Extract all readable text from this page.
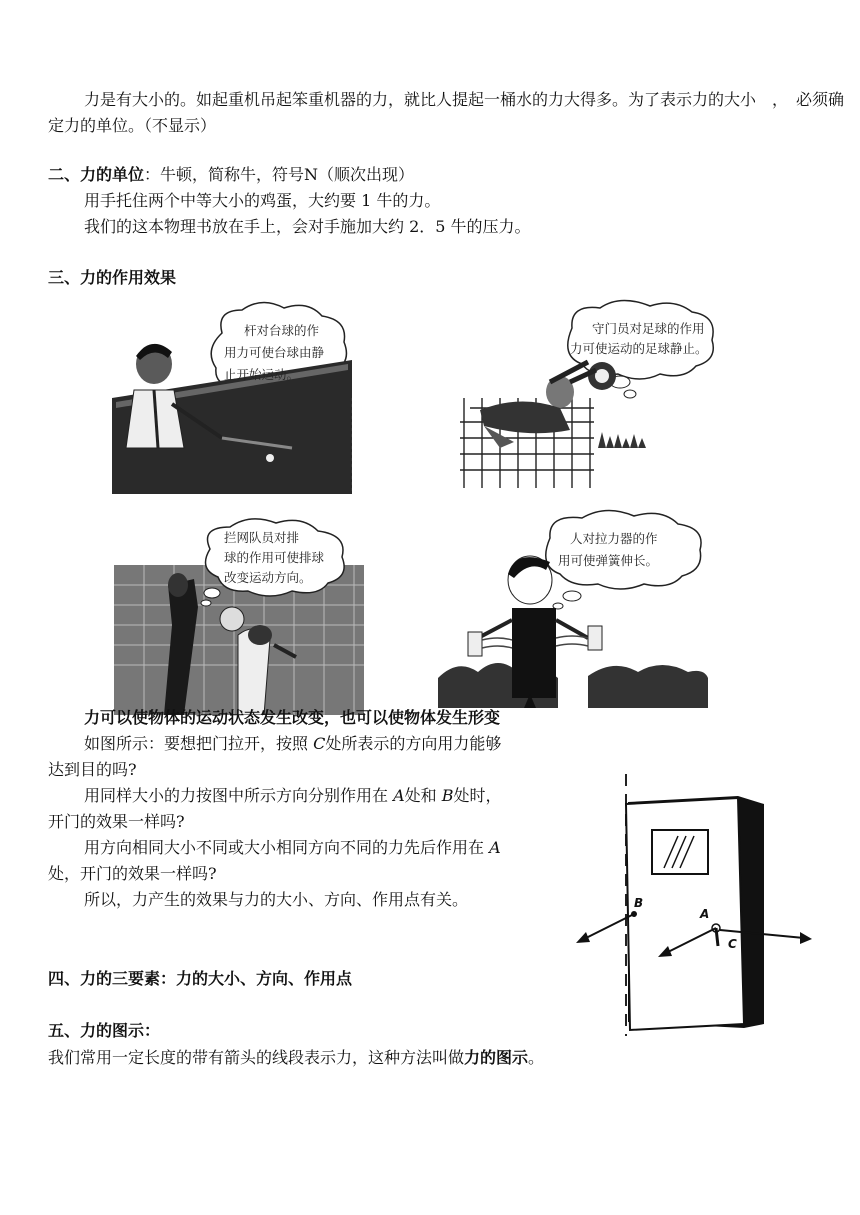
力是有大小的。如起重机吊起笨重机器的力，就比人提起一桶水的力大得多。为了表示力的大小　，　必须确
定力的单位。（不显示）
二、力的单位：牛顿，简称牛，符号N（顺次出现）
用手托住两个中等大小的鸡蛋，大约要 1 牛的力。
我们的这本物理书放在手上，会对手施加大约 2．5 牛的压力。
三、力的作用效果
杆对台球的作
用力可使台球由静
止开始运动。
守门员对足球的作用
力可使运动的足球静止。
拦网队员对排
球的作用可使排球
改变运动方向。
人对拉力器的作
用可使弹簧伸长。
力可以使物体的运动状态发生改变，也可以使物体发生形变
如图所示：要想把门拉开，按照 C处所表示的方向用力能够
达到目的吗?
用同样大小的力按图中所示方向分别作用在 A处和 B处时，
开门的效果一样吗?
用方向相同大小不同或大小相同方向不同的力先后作用在 A
处，开门的效果一样吗?
所以，力产生的效果与力的大小、方向、作用点有关。	B
A
C
四、力的三要素：力的大小、方向、作用点
五、力的图示：
我们常用一定长度的带有箭头的线段表示力，这种方法叫做力的图示。
